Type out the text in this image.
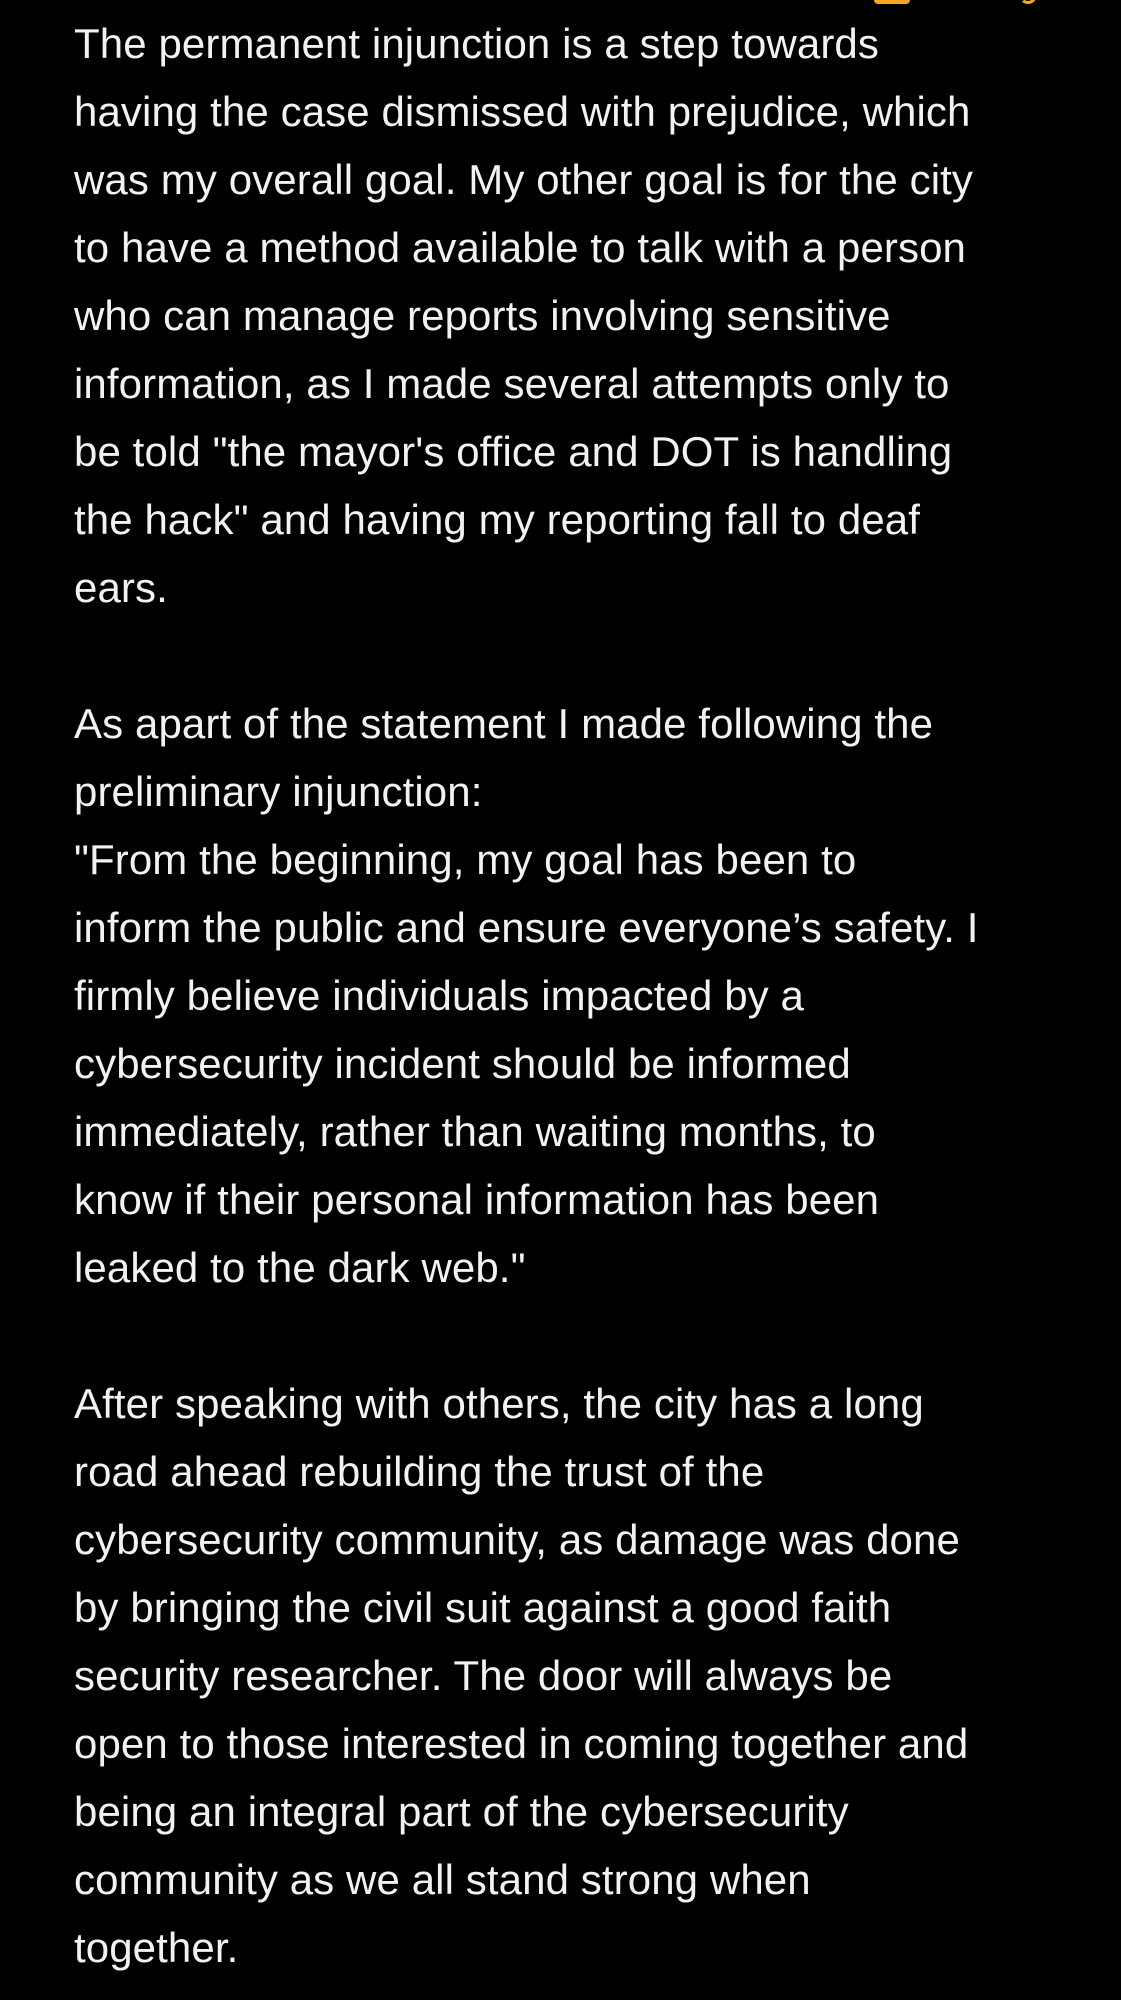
The permanent injunction is a step towards
having the case dismissed with prejudice, which
was my overall goal. My other goal is for the city
to have a method available to talk with a person
who can manage reports involving sensitive
information, as I made several attempts only to
be told "the mayor's office and DOT is handling
the hack" and having my reporting fall to deaf
ears.

As apart of the statement I made following the
preliminary injunction:
"From the beginning, my goal has been to
inform the public and ensure everyone’s safety. I
firmly believe individuals impacted by a
cybersecurity incident should be informed
immediately, rather than waiting months, to
know if their personal information has been
leaked to the dark web."

After speaking with others, the city has a long
road ahead rebuilding the trust of the
cybersecurity community, as damage was done
by bringing the civil suit against a good faith
security researcher. The door will always be
open to those interested in coming together and
being an integral part of the cybersecurity
community as we all stand strong when
together.
